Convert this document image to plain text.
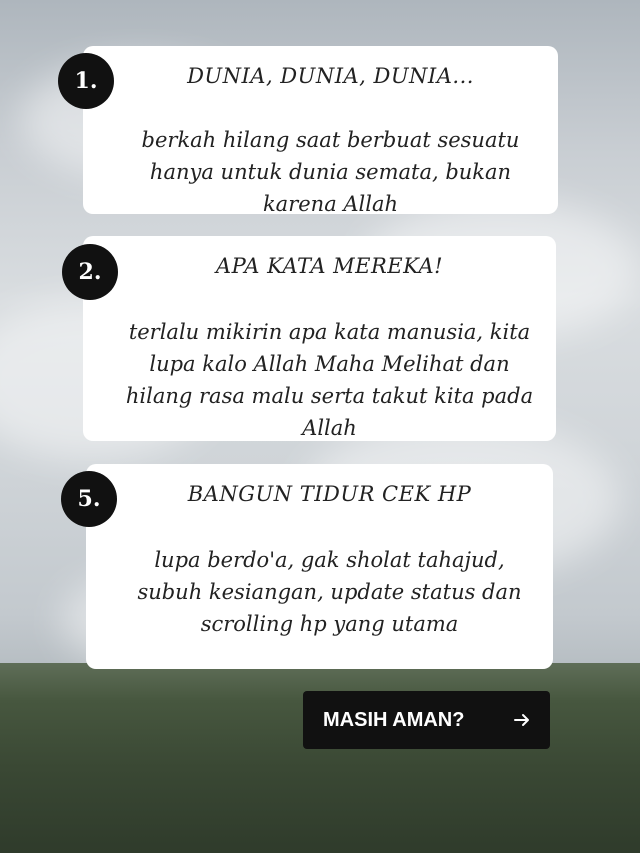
DUNIA, DUNIA, DUNIA...

berkah hilang saat berbuat sesuatu hanya untuk dunia semata, bukan karena Allah

1.

APA KATA MEREKA!

terlalu mikirin apa kata manusia, kita lupa kalo Allah Maha Melihat dan hilang rasa malu serta takut kita pada Allah

2.

BANGUN TIDUR CEK HP

lupa berdo'a, gak sholat tahajud, subuh kesiangan, update status dan scrolling hp yang utama

5.
MASIH AMAN?
